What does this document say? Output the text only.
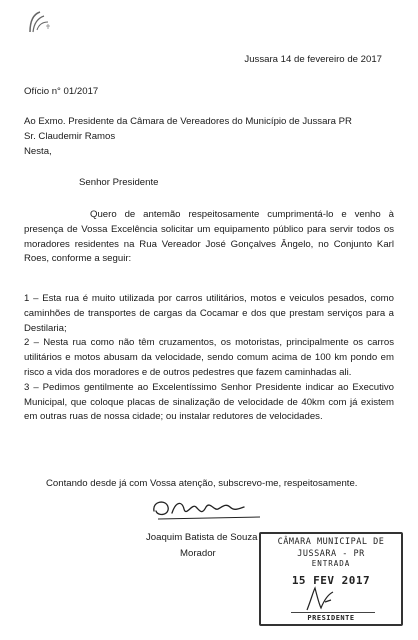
Jussara 14 de fevereiro de 2017
Ofício n° 01/2017
Ao Exmo. Presidente da Câmara de Vereadores do Município de Jussara PR
Sr. Claudemir Ramos
Nesta,
Senhor Presidente

Quero de antemão respeitosamente cumprimentá-lo e venho à presença de Vossa Excelência solicitar um equipamento público para servir todos os moradores residentes na Rua Vereador José Gonçalves Ângelo, no Conjunto Karl Roes, conforme a seguir:

1 – Esta rua é muito utilizada por carros utilitários, motos e veiculos pesados, como caminhões de transportes de cargas da Cocamar e dos que prestam serviços para a Destilaria;

2 – Nesta rua como não têm cruzamentos, os motoristas, principalmente os carros utilitários e motos abusam da velocidade, sendo comum acima de 100 km pondo em risco a vida dos moradores e de outros pedestres que fazem caminhadas ali.

3 – Pedimos gentilmente ao Excelentíssimo Senhor Presidente indicar ao Executivo Municipal, que coloque placas de sinalização de velocidade de 40km com já existem em outras ruas de nossa cidade; ou instalar redutores de velocidades.

Contando desde já com Vossa atenção, subscrevo-me, respeitosamente.
Joaquim Batista de Souza
Morador
CÂMARA MUNICIPAL DE
JUSSARA - PR
ENTRADA
15 FEV 2017
PRESIDENTE
